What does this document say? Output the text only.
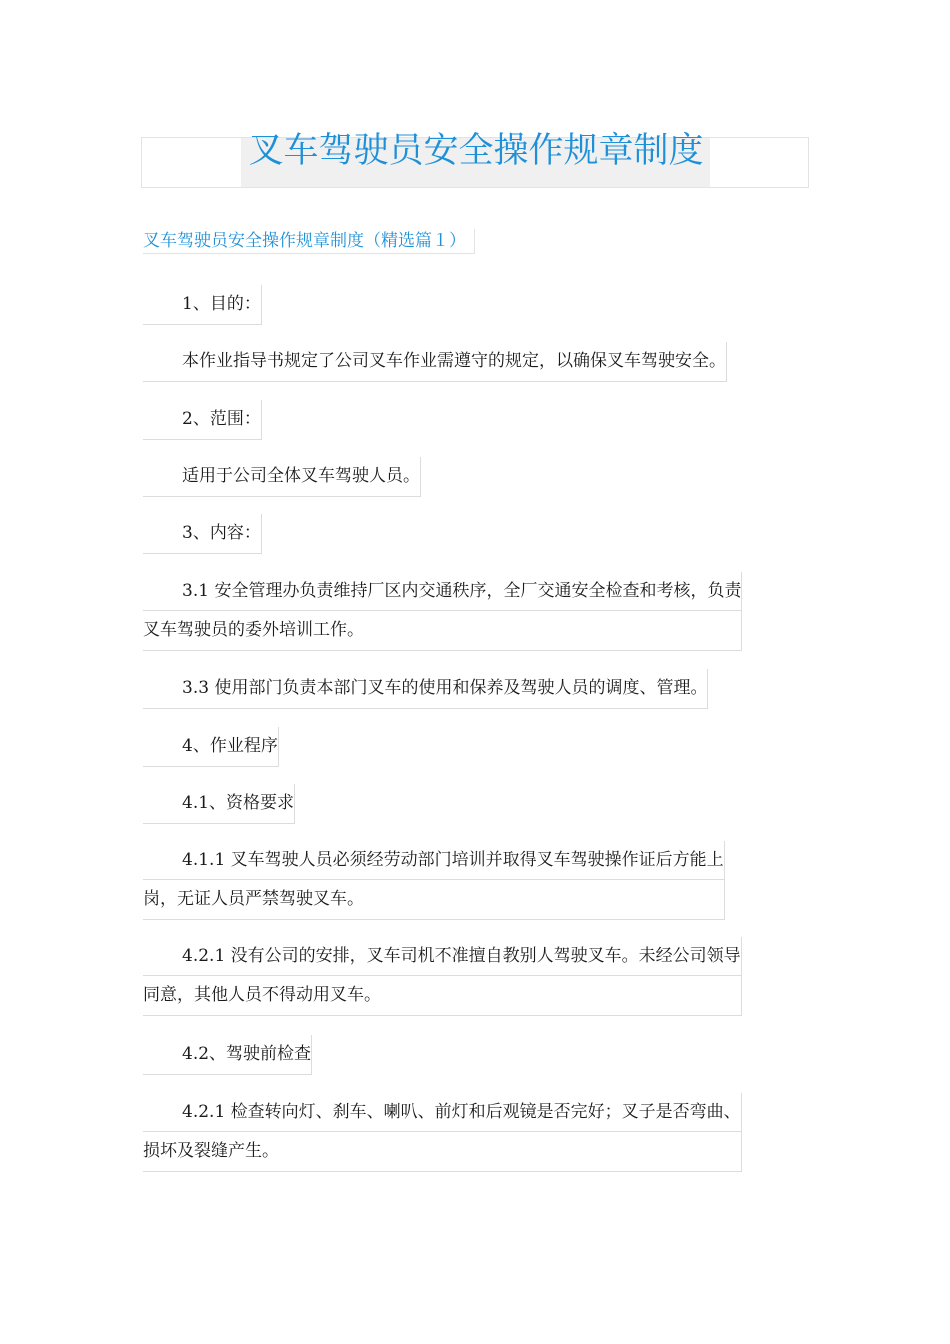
叉车驾驶员安全操作规章制度
叉车驾驶员安全操作规章制度（精选篇１）
1、目的：
本作业指导书规定了公司叉车作业需遵守的规定，以确保叉车驾驶安全。
2、范围：
适用于公司全体叉车驾驶人员。
3、内容：
3.1 安全管理办负责维持厂区内交通秩序，全厂交通安全检查和考核，负责
叉车驾驶员的委外培训工作。
3.3 使用部门负责本部门叉车的使用和保养及驾驶人员的调度、管理。
4、作业程序
4.1、资格要求
4.1.1 叉车驾驶人员必须经劳动部门培训并取得叉车驾驶操作证后方能上
岗，无证人员严禁驾驶叉车。
4.2.1 没有公司的安排，叉车司机不准擅自教别人驾驶叉车。未经公司领导
同意，其他人员不得动用叉车。
4.2、驾驶前检查
4.2.1 检查转向灯、刹车、喇叭、前灯和后观镜是否完好；叉子是否弯曲、
损坏及裂缝产生。
